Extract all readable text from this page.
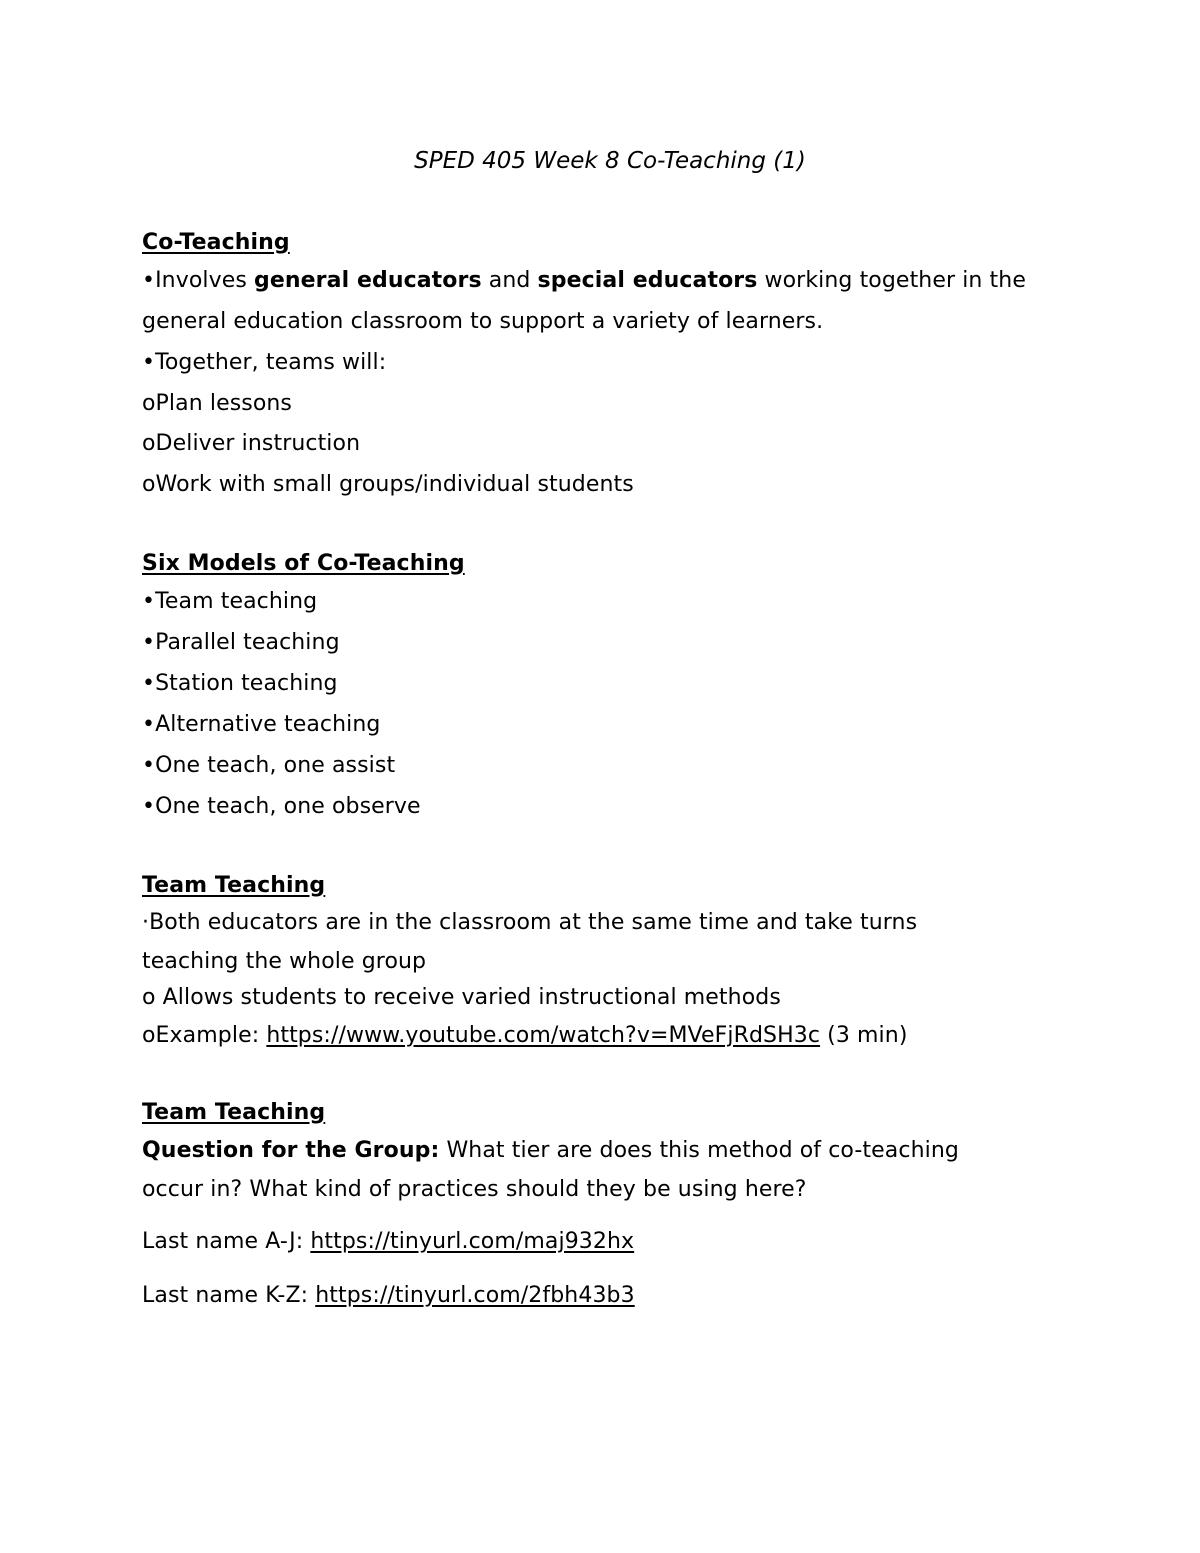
SPED 405 Week 8 Co-Teaching (1)
Co-Teaching
•Involves general educators and special educators working together in the
general education classroom to support a variety of learners.
•Together, teams will:
oPlan lessons
oDeliver instruction
oWork with small groups/individual students
Six Models of Co-Teaching
•Team teaching
•Parallel teaching
•Station teaching
•Alternative teaching
•One teach, one assist
•One teach, one observe
Team Teaching
·Both educators are in the classroom at the same time and take turns
teaching the whole group
o Allows students to receive varied instructional methods
oExample: https://www.youtube.com/watch?v=MVeFjRdSH3c (3 min)
Team Teaching
Question for the Group: What tier are does this method of co-teaching
occur in? What kind of practices should they be using here?
Last name A-J: https://tinyurl.com/maj932hx
Last name K-Z: https://tinyurl.com/2fbh43b3
